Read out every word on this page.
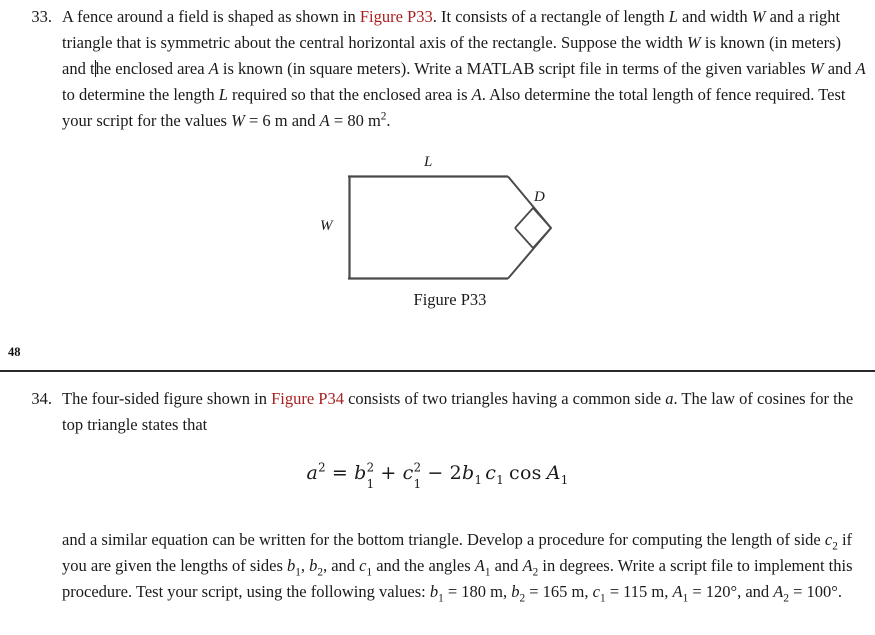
33. A fence around a field is shaped as shown in Figure P33. It consists of a rectangle of length L and width W and a right triangle that is symmetric about the central horizontal axis of the rectangle. Suppose the width W is known (in meters) and the enclosed area A is known (in square meters). Write a MATLAB script file in terms of the given variables W and A to determine the length L required so that the enclosed area is A. Also determine the total length of fence required. Test your script for the values W = 6 m and A = 80 $m^2$.
L
W
D
Figure P33
48
34. The four-sided figure shown in Figure P34 consists of two triangles having a common side a. The law of cosines for the top triangle states that
$a^2 = b$ 1
$^2$ + c 1
$^2 - 2b_1$ $c_1$ $\cos A_1$
and a similar equation can be written for the bottom triangle. Develop a procedure for computing the length of side $c_2$ if you are given the lengths of sides $b_1$, $b_2$, and $c_1$ and the angles $A_1$ and $A_2$ in degrees. Write a script file to implement this procedure. Test your script, using the following values: $b_1 = 180$ m, $b_2 = 165$ m, $c_1 = 115$ m, $A_1 = 120^\circ$, and $A_2 = 100^\circ$.
